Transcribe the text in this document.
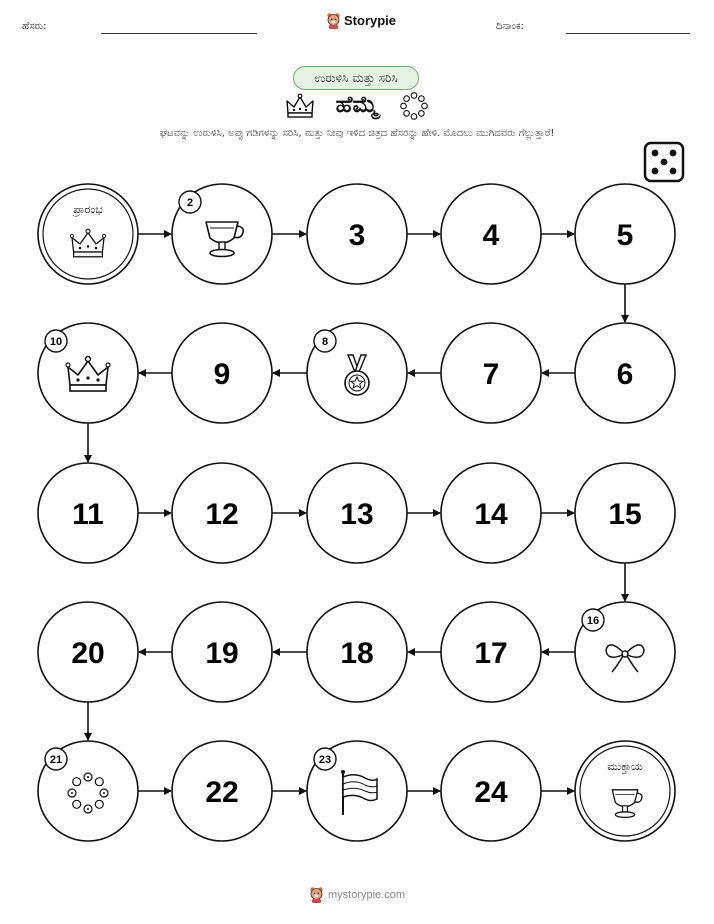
ಹೆಸರು:	Storypie	ದಿನಾಂಕ:
ಉರುಳಿಸಿ ಮತ್ತು ಸರಿಸಿ
ಹೆಮ್ಮೆ
ಘಟವನ್ನು ಉರುಳಿಸಿ, ಅಪ್ಪು ಗಡಿಗಳನ್ನು ಸರಿಸಿ, ಮತ್ತು ನೀವು ಇಳಿದ ಚಿತ್ರದ ಹೆಸರನ್ನು ಹೇಳಿ. ಮೊದಲು ಮುಗಿದವರು ಗೆಲ್ಲುತ್ತಾರೆ!
ಪ್ರಾರಂಭ	2
3	4	5
6
7
8
9
10
11	12	13	14	15
16
17
18
19
20
21
22
23
24
ಮುಕ್ತಾಯ
mystorypie.com
